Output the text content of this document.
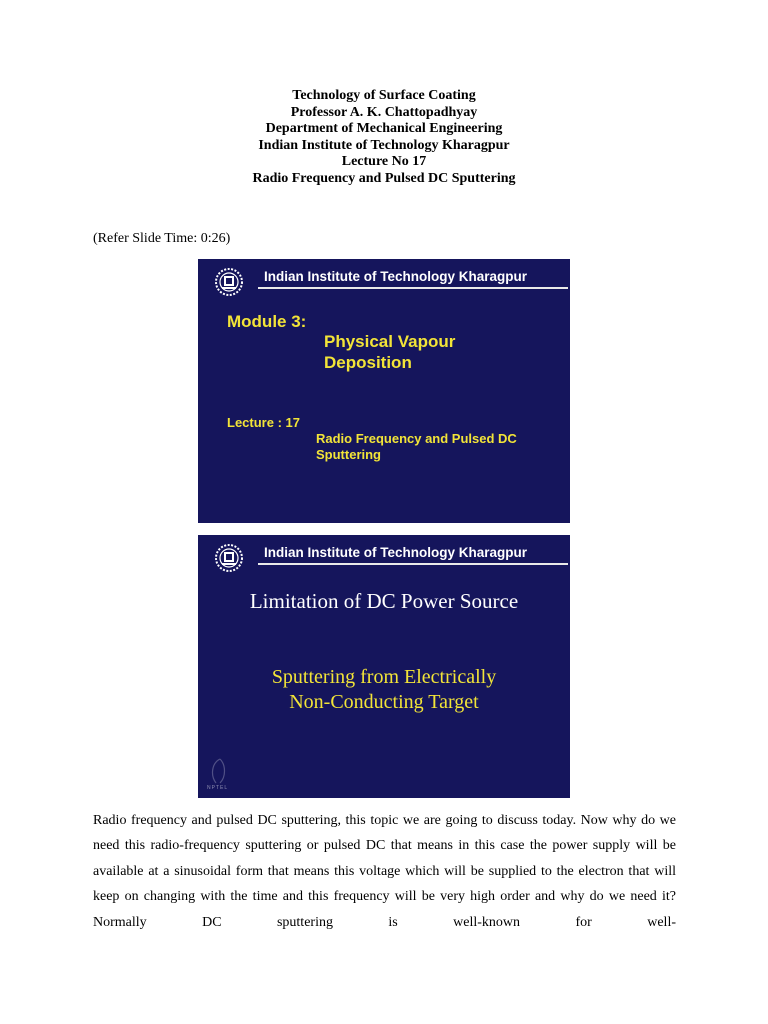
Technology of Surface Coating
Professor A. K. Chattopadhyay
Department of Mechanical Engineering
Indian Institute of Technology Kharagpur
Lecture No 17
Radio Frequency and Pulsed DC Sputtering
(Refer Slide Time: 0:26)
Indian Institute of Technology Kharagpur
Module 3:
Physical Vapour
Deposition
Lecture : 17
Radio Frequency and Pulsed DC
Sputtering
Indian Institute of Technology Kharagpur
Limitation of DC Power Source
Sputtering from Electrically
Non-Conducting Target
NPTEL
Radio frequency and pulsed DC sputtering, this topic we are going to discuss today. Now why do we need this radio-frequency sputtering or pulsed DC that means in this case the power supply will be available at a sinusoidal form that means this voltage which will be supplied to the electron that will keep on changing with the time and this frequency will be very high order and why do we need it? Normally DC sputtering is well-known for well-
